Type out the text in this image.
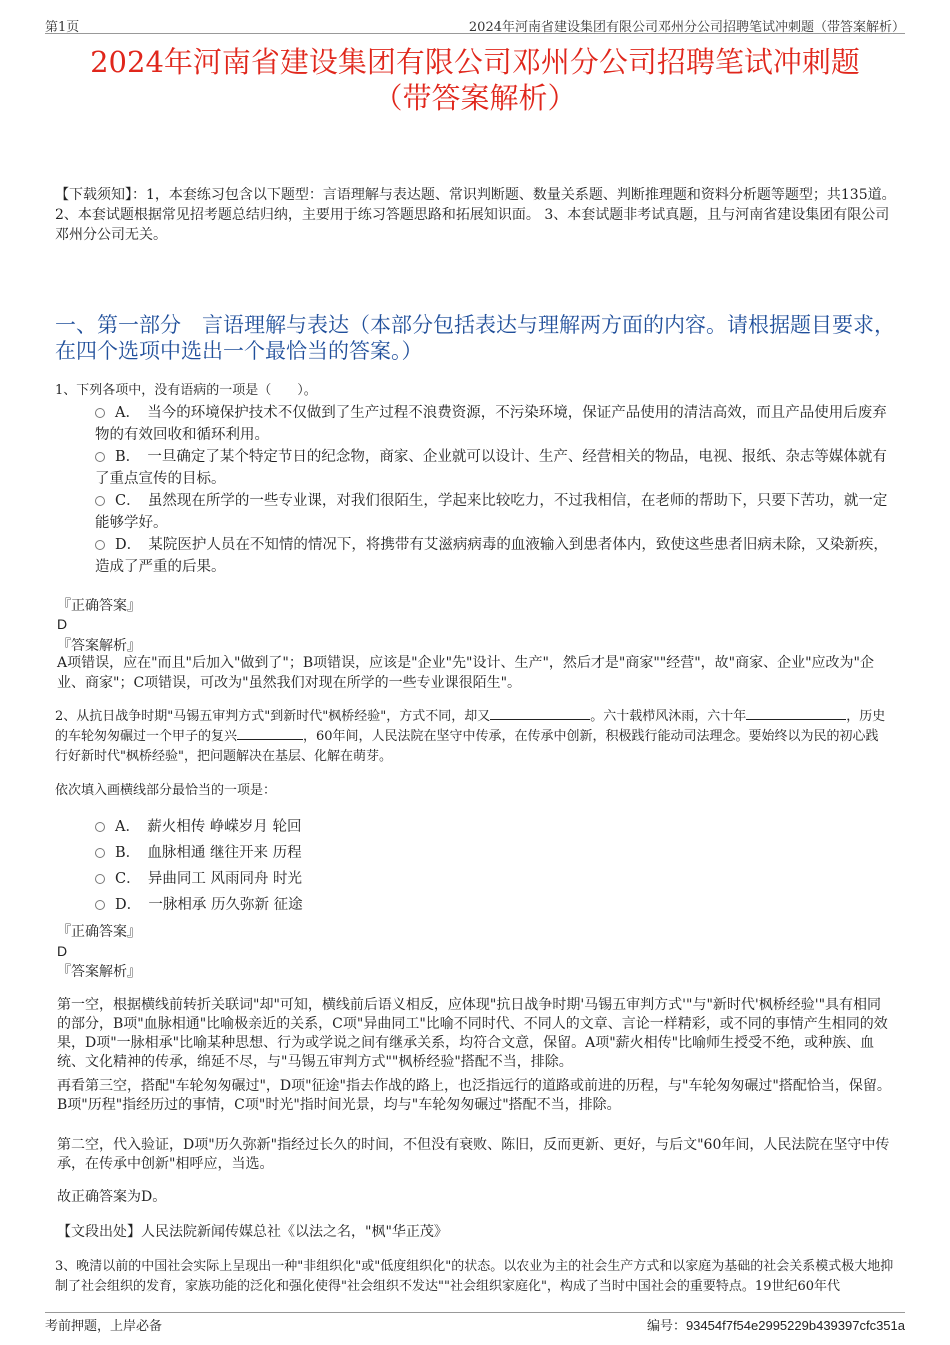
第1页	2024年河南省建设集团有限公司邓州分公司招聘笔试冲刺题（带答案解析）
2024年河南省建设集团有限公司邓州分公司招聘笔试冲刺题
（带答案解析）
【下载须知】：1，本套练习包含以下题型：言语理解与表达题、常识判断题、数量关系题、判断推理题和资料分析题等题型；共135道。 2、本套试题根据常见招考题总结归纳，主要用于练习答题思路和拓展知识面。 3、本套试题非考试真题，且与河南省建设集团有限公司邓州分公司无关。
一、第一部分　言语理解与表达（本部分包括表达与理解两方面的内容。请根据题目要求，在四个选项中选出一个最恰当的答案。）
1、下列各项中，没有语病的一项是（　　）。
A．　当今的环境保护技术不仅做到了生产过程不浪费资源，不污染环境，保证产品使用的清洁高效，而且产品使用后废弃物的有效回收和循环利用。
B．　一旦确定了某个特定节日的纪念物，商家、企业就可以设计、生产、经营相关的物品，电视、报纸、杂志等媒体就有了重点宣传的目标。
C．　虽然现在所学的一些专业课，对我们很陌生，学起来比较吃力，不过我相信，在老师的帮助下，只要下苦功，就一定能够学好。
D．　某院医护人员在不知情的情况下，将携带有艾滋病病毒的血液输入到患者体内，致使这些患者旧病未除，又染新疾，造成了严重的后果。
『正确答案』
D
『答案解析』
A项错误，应在"而且"后加入"做到了"；B项错误，应该是"企业"先"设计、生产"，然后才是"商家""经营"，故"商家、企业"应改为"企业、商家"；C项错误，可改为"虽然我们对现在所学的一些专业课很陌生"。
2、从抗日战争时期"马锡五审判方式"到新时代"枫桥经验"，方式不同，却又	。六十载栉风沐雨，六十年	，历史的车轮匆匆碾过一个甲子的复兴	，60年间，人民法院在坚守中传承，在传承中创新，积极践行能动司法理念。要始终以为民的初心践行好新时代"枫桥经验"，把问题解决在基层、化解在萌芽。
依次填入画横线部分最恰当的一项是：
A．　薪火相传 峥嵘岁月 轮回
B．　血脉相通 继往开来 历程
C．　异曲同工 风雨同舟 时光
D．　一脉相承 历久弥新 征途
『正确答案』
D
『答案解析』
第一空，根据横线前转折关联词"却"可知，横线前后语义相反，应体现"抗日战争时期'马锡五审判方式'"与"新时代'枫桥经验'"具有相同的部分，B项"血脉相通"比喻极亲近的关系，C项"异曲同工"比喻不同时代、不同人的文章、言论一样精彩，或不同的事情产生相同的效果，D项"一脉相承"比喻某种思想、行为或学说之间有继承关系，均符合文意，保留。A项"薪火相传"比喻师生授受不绝，或种族、血统、文化精神的传承，绵延不尽，与"马锡五审判方式""枫桥经验"搭配不当，排除。
再看第三空，搭配"车轮匆匆碾过"，D项"征途"指去作战的路上，也泛指远行的道路或前进的历程，与"车轮匆匆碾过"搭配恰当，保留。B项"历程"指经历过的事情，C项"时光"指时间光景，均与"车轮匆匆碾过"搭配不当，排除。
第二空，代入验证，D项"历久弥新"指经过长久的时间，不但没有衰败、陈旧，反而更新、更好，与后文"60年间，人民法院在坚守中传承，在传承中创新"相呼应，当选。
故正确答案为D。
【文段出处】人民法院新闻传媒总社《以法之名，"枫"华正茂》
3、晚清以前的中国社会实际上呈现出一种"非组织化"或"低度组织化"的状态。以农业为主的社会生产方式和以家庭为基础的社会关系模式极大地抑制了社会组织的发育，家族功能的泛化和强化使得"社会组织不发达""社会组织家庭化"，构成了当时中国社会的重要特点。19世纪60年代
考前押题，上岸必备	编号：93454f7f54e2995229b439397cfc351a
